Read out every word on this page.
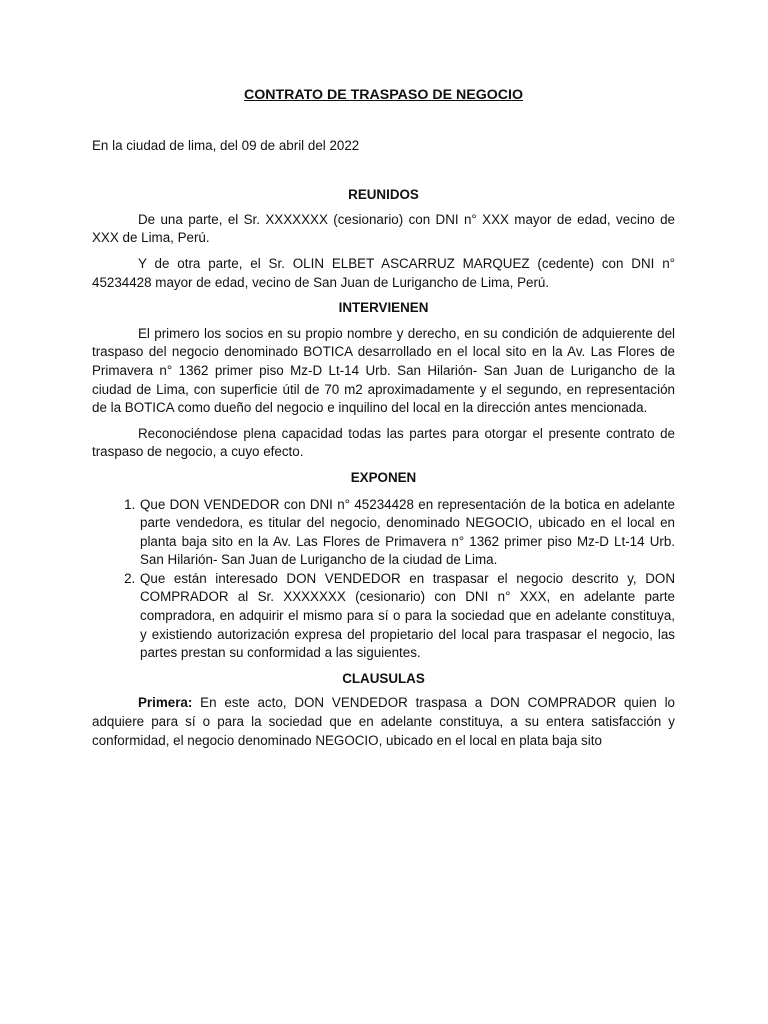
CONTRATO DE TRASPASO DE NEGOCIO

En la ciudad de lima, del 09 de abril del 2022

REUNIDOS

De una parte, el Sr. XXXXXXX (cesionario) con DNI n° XXX mayor de edad, vecino de XXX de Lima, Perú.

Y de otra parte, el Sr. OLIN ELBET ASCARRUZ MARQUEZ (cedente) con DNI n° 45234428 mayor de edad, vecino de San Juan de Lurigancho de Lima, Perú.

INTERVIENEN

El primero los socios en su propio nombre y derecho, en su condición de adquierente del traspaso del negocio denominado BOTICA desarrollado en el local sito en la Av. Las Flores de Primavera n° 1362 primer piso Mz-D Lt-14 Urb. San Hilarión- San Juan de Lurigancho de la ciudad de Lima, con superficie útil de 70 m2 aproximadamente y el segundo, en representación de la BOTICA como dueño del negocio e inquilino del local en la dirección antes mencionada.

Reconociéndose plena capacidad todas las partes para otorgar el presente contrato de traspaso de negocio, a cuyo efecto.

EXPONEN

1. Que DON VENDEDOR con DNI n° 45234428 en representación de la botica en adelante parte vendedora, es titular del negocio, denominado NEGOCIO, ubicado en el local en planta baja sito en la Av. Las Flores de Primavera n° 1362 primer piso Mz-D Lt-14 Urb. San Hilarión- San Juan de Lurigancho de la ciudad de Lima.
2. Que están interesado DON VENDEDOR en traspasar el negocio descrito y, DON COMPRADOR al Sr. XXXXXXX (cesionario) con DNI n° XXX, en adelante parte compradora, en adquirir el mismo para sí o para la sociedad que en adelante constituya, y existiendo autorización expresa del propietario del local para traspasar el negocio, las partes prestan su conformidad a las siguientes.

CLAUSULAS

Primera: En este acto, DON VENDEDOR traspasa a DON COMPRADOR quien lo adquiere para sí o para la sociedad que en adelante constituya, a su entera satisfacción y conformidad, el negocio denominado NEGOCIO, ubicado en el local en plata baja sito
